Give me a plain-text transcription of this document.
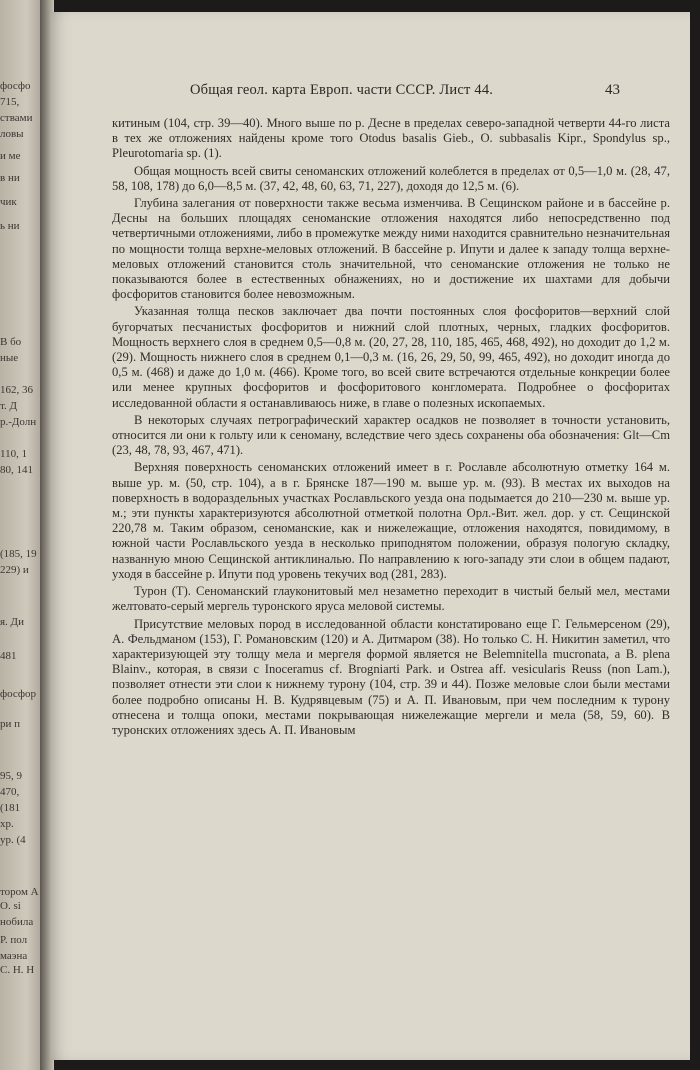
фосфо
715,
ствами
ловы
и ме
в ни
чик
ь ни
В бо
ные
162, 36
т. Д
р.-Долн
110, 1
80, 141
(185, 19
229) и
я. Ди
481
фосфор
ри п
95, 9
470,
(181
хр.
ур. (4
тором А
O. si
нобила
P. пол
маэна
С. Н. Н
Общая геол. карта Европ. части СССР. Лист 44.	43

китиным (104, стр. 39—40). Много выше по р. Десне в пределах северо-западной четверти 44-го листа в тех же отложениях найдены кроме того Otodus basalis Gieb., O. subbasalis Kipr., Spondylus sp., Pleurotomaria sp. (1).

Общая мощность всей свиты сеноманских отложений колеблется в пределах от 0,5—1,0 м. (28, 47, 58, 108, 178) до 6,0—8,5 м. (37, 42, 48, 60, 63, 71, 227), доходя до 12,5 м. (6).

Глубина залегания от поверхности также весьма изменчива. В Сещинском районе и в бассейне р. Десны на больших площадях сеноманские отложения находятся либо непосредственно под четвертичными отложениями, либо в промежутке между ними находится сравнительно незначительная по мощности толща верхне-меловых отложений. В бассейне р. Ипути и далее к западу толща верхне-меловых отложений становится столь значительной, что сеноманские отложения не только не показываются более в естественных обнажениях, но и достижение их шахтами для добычи фосфоритов становится более невозможным.

Указанная толща песков заключает два почти постоянных слоя фосфоритов—верхний слой бугорчатых песчанистых фосфоритов и нижний слой плотных, черных, гладких фосфоритов. Мощность верхнего слоя в среднем 0,5—0,8 м. (20, 27, 28, 110, 185, 465, 468, 492), но доходит до 1,2 м. (29). Мощность нижнего слоя в среднем 0,1—0,3 м. (16, 26, 29, 50, 99, 465, 492), но доходит иногда до 0,5 м. (468) и даже до 1,0 м. (466). Кроме того, во всей свите встречаются отдельные конкреции более или менее крупных фосфоритов и фосфоритового конгломерата. Подробнее о фосфоритах исследованной области я останавливаюсь ниже, в главе о полезных ископаемых.

В некоторых случаях петрографический характер осадков не позволяет в точности установить, относится ли они к гольту или к сеноману, вследствие чего здесь сохранены оба обозначения: Glt—Cm (23, 48, 78, 93, 467, 471).

Верхняя поверхность сеноманских отложений имеет в г. Рославле абсолютную отметку 164 м. выше ур. м. (50, стр. 104), а в г. Брянске 187—190 м. выше ур. м. (93). В местах их выходов на поверхность в водораздельных участках Рославльского уезда она подымается до 210—230 м. выше ур. м.; эти пункты характеризуются абсолютной отметкой полотна Орл.-Вит. жел. дор. у ст. Сещинской 220,78 м. Таким образом, сеноманские, как и нижележащие, отложения находятся, повидимому, в южной части Рославльского уезда в несколько приподнятом положении, образуя пологую складку, названную мною Сещинской антиклиналью. По направлению к юго-западу эти слои в общем падают, уходя в бассейне р. Ипути под уровень текучих вод (281, 283).

Турон (T). Сеноманский глауконитовый мел незаметно переходит в чистый белый мел, местами желтовато-серый мергель туронского яруса меловой системы.

Присутствие меловых пород в исследованной области констатировано еще Г. Гельмерсеном (29), А. Фельдманом (153), Г. Романовским (120) и А. Дитмаром (38). Но только С. Н. Никитин заметил, что характеризующей эту толщу мела и мергеля формой является не Belemnitella mucronata, а B. plena Blainv., которая, в связи с Inoceramus cf. Brogniarti Park. и Ostrea aff. vesicularis Reuss (non Lam.), позволяет отнести эти слои к нижнему турону (104, стр. 39 и 44). Позже меловые слои были местами более подробно описаны Н. В. Кудрявцевым (75) и А. П. Ивановым, при чем последним к турону отнесена и толща опоки, местами покрывающая нижележащие мергели и мела (58, 59, 60). В туронских отложениях здесь А. П. Ивановым
